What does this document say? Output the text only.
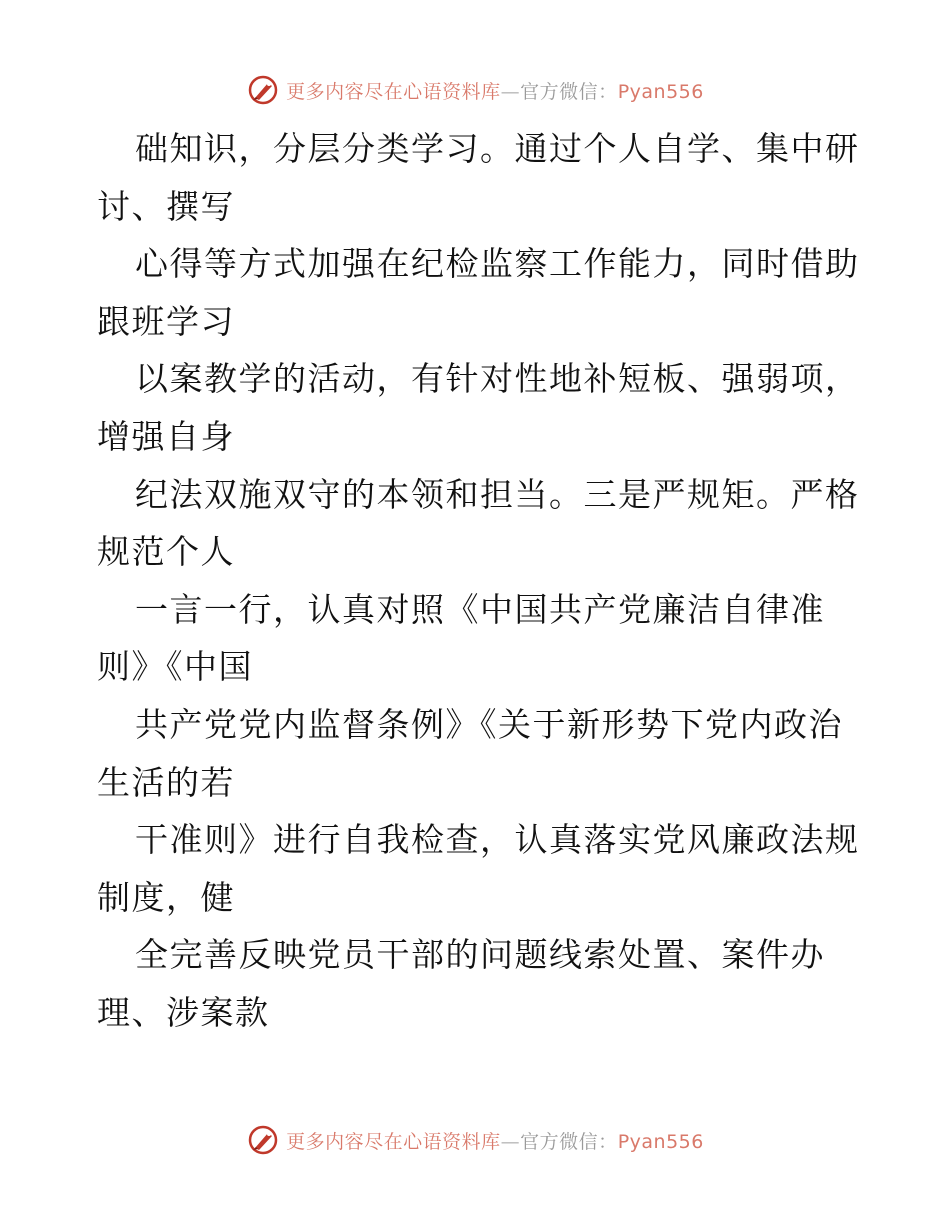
更多内容尽在心语资料库—官方微信：Pyan556
础知识，分层分类学习。通过个人自学、集中研
讨、撰写
心得等方式加强在纪检监察工作能力，同时借助
跟班学习
以案教学的活动，有针对性地补短板、强弱项，
增强自身
纪法双施双守的本领和担当。三是严规矩。严格
规范个人
一言一行，认真对照《中国共产党廉洁自律准
则》《中国
共产党党内监督条例》《关于新形势下党内政治
生活的若
干准则》进行自我检查，认真落实党风廉政法规
制度，健
全完善反映党员干部的问题线索处置、案件办
理、涉案款
更多内容尽在心语资料库—官方微信：Pyan556
